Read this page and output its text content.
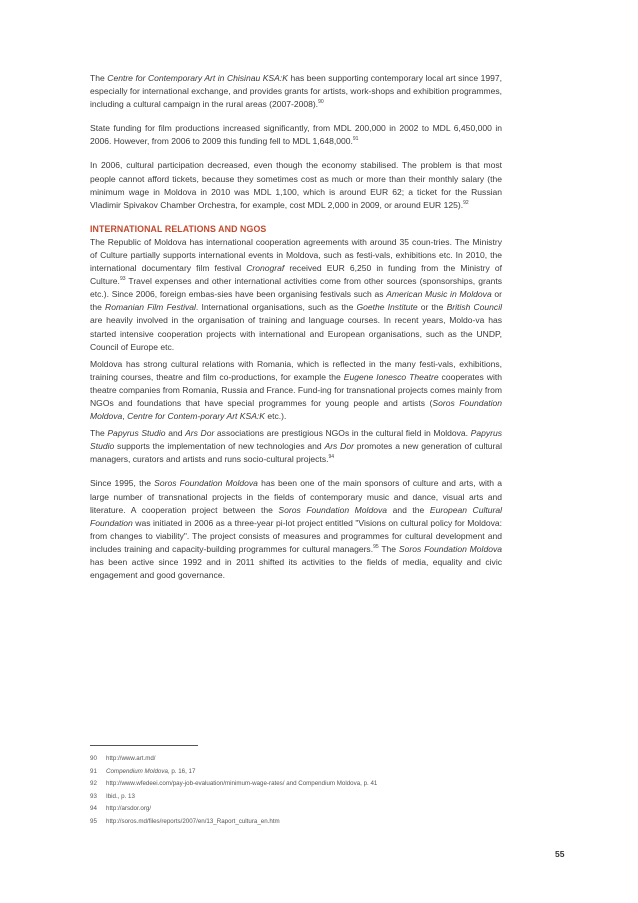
The Centre for Contemporary Art in Chisinau KSA:K has been supporting contemporary local art since 1997, especially for international exchange, and provides grants for artists, work-shops and exhibition programmes, including a cultural campaign in the rural areas (2007-2008).$^{90}$

State funding for film productions increased significantly, from MDL 200,000 in 2002 to MDL 6,450,000 in 2006. However, from 2006 to 2009 this funding fell to MDL 1,648,000.91

In 2006, cultural participation decreased, even though the economy stabilised. The problem is that most people cannot afford tickets, because they sometimes cost as much or more than their monthly salary (the minimum wage in Moldova in 2010 was MDL 1,100, which is around EUR 62; a ticket for the Russian Vladimir Spivakov Chamber Orchestra, for example, cost MDL 2,000 in 2009, or around EUR 125).$^{92}$

INTERNATIONAL RELATIONS AND NGOS

The Republic of Moldova has international cooperation agreements with around 35 coun-tries. The Ministry of Culture partially supports international events in Moldova, such as festi-vals, exhibitions etc. In 2010, the international documentary film festival Cronograf received EUR 6,250 in funding from the Ministry of Culture.$^{93}$ Travel expenses and other international activities come from other sources (sponsorships, grants etc.). Since 2006, foreign embas-sies have been organising festivals such as American Music in Moldova or the Romanian Film Festival. International organisations, such as the Goethe Institute or the British Council are heavily involved in the organisation of training and language courses. In recent years, Moldo-va has started intensive cooperation projects with international and European organisations, such as the UNDP, Council of Europe etc.

Moldova has strong cultural relations with Romania, which is reflected in the many festi-vals, exhibitions, training courses, theatre and film co-productions, for example the Eugene Ionesco Theatre cooperates with theatre companies from Romania, Russia and France. Fund-ing for transnational projects comes mainly from NGOs and foundations that have special programmes for young people and artists (Soros Foundation Moldova, Centre for Contem-porary Art KSA:K etc.).

The Papyrus Studio and Ars Dor associations are prestigious NGOs in the cultural field in Moldova. Papyrus Studio supports the implementation of new technologies and Ars Dor promotes a new generation of cultural managers, curators and artists and runs socio-cultural projects.$^{94}$

Since 1995, the Soros Foundation Moldova has been one of the main sponsors of culture and arts, with a large number of transnational projects in the fields of contemporary music and dance, visual arts and literature. A cooperation project between the Soros Foundation Moldova and the European Cultural Foundation was initiated in 2006 as a three-year pi-lot project entitled "Visions on cultural policy for Moldova: from changes to viability". The project consists of measures and programmes for cultural development and includes training and capacity-building programmes for cultural managers.$^{95}$ The Soros Foundation Moldova has been active since 1992 and in 2011 shifted its activities to the fields of media, equality and civic engagement and good governance.

90	http://www.art.md/
91	Compendium Moldova, p. 16, 17
92	http://www.wfedeei.com/pay-job-evaluation/minimum-wage-rates/ and Compendium Moldova, p. 41
93	Ibid., p. 13
94	http://arsdor.org/
95	http://soros.md/files/reports/2007/en/13_Raport_cultura_en.htm
55
